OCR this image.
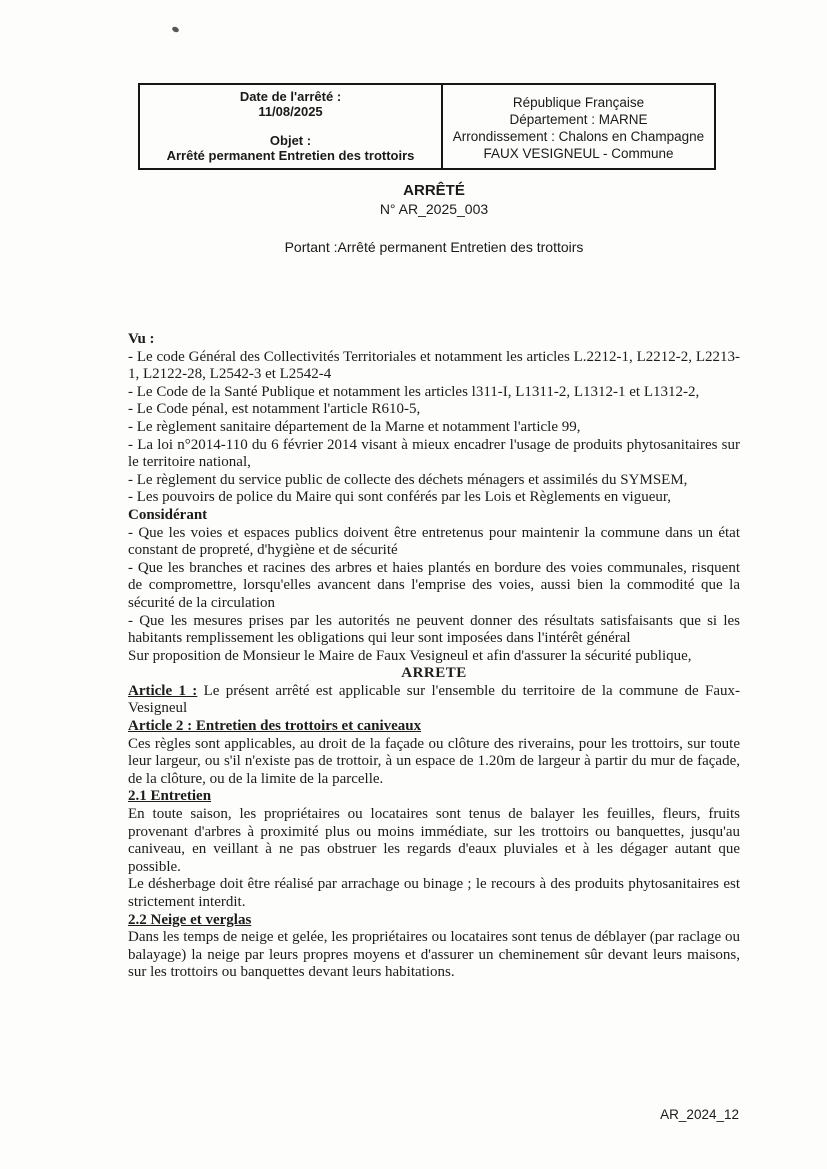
Date de l'arrêté :
11/08/2025
Objet :
Arrêté permanent Entretien des trottoirs
République Française
Département : MARNE
Arrondissement : Chalons en Champagne
FAUX VESIGNEUL - Commune
ARRÊTÉ
N° AR_2025_003
Portant :Arrêté permanent Entretien des trottoirs

Vu :

- Le code Général des Collectivités Territoriales et notamment les articles L.2212-1, L2212-2, L2213-1, L2122-28, L2542-3 et L2542-4

- Le Code de la Santé Publique et notamment les articles l311-I, L1311-2, L1312-1 et L1312-2,

- Le Code pénal, est notamment l'article R610-5,

- Le règlement sanitaire département de la Marne et notamment l'article 99,

- La loi n°2014-110 du 6 février 2014 visant à mieux encadrer l'usage de produits phytosanitaires sur le territoire national,

- Le règlement du service public de collecte des déchets ménagers et assimilés du SYMSEM,

- Les pouvoirs de police du Maire qui sont conférés par les Lois et Règlements en vigueur,

Considérant

- Que les voies et espaces publics doivent être entretenus pour maintenir la commune dans un état constant de propreté, d'hygiène et de sécurité

- Que les branches et racines des arbres et haies plantés en bordure des voies communales, risquent de compromettre, lorsqu'elles avancent dans l'emprise des voies, aussi bien la commodité que la sécurité de la circulation

- Que les mesures prises par les autorités ne peuvent donner des résultats satisfaisants que si les habitants remplissement les obligations qui leur sont imposées dans l'intérêt général

Sur proposition de Monsieur le Maire de Faux Vesigneul et afin d'assurer la sécurité publique,

ARRETE

Article 1 : Le présent arrêté est applicable sur l'ensemble du territoire de la commune de Faux-Vesigneul

Article 2 : Entretien des trottoirs et caniveaux

Ces règles sont applicables, au droit de la façade ou clôture des riverains, pour les trottoirs, sur toute leur largeur, ou s'il n'existe pas de trottoir, à un espace de 1.20m de largeur à partir du mur de façade, de la clôture, ou de la limite de la parcelle.

2.1 Entretien

En toute saison, les propriétaires ou locataires sont tenus de balayer les feuilles, fleurs, fruits provenant d'arbres à proximité plus ou moins immédiate, sur les trottoirs ou banquettes, jusqu'au caniveau, en veillant à ne pas obstruer les regards d'eaux pluviales et à les dégager autant que possible.

Le désherbage doit être réalisé par arrachage ou binage ; le recours à des produits phytosanitaires est strictement interdit.

2.2 Neige et verglas

Dans les temps de neige et gelée, les propriétaires ou locataires sont tenus de déblayer (par raclage ou balayage) la neige par leurs propres moyens et d'assurer un cheminement sûr devant leurs maisons, sur les trottoirs ou banquettes devant leurs habitations.

AR_2024_12
